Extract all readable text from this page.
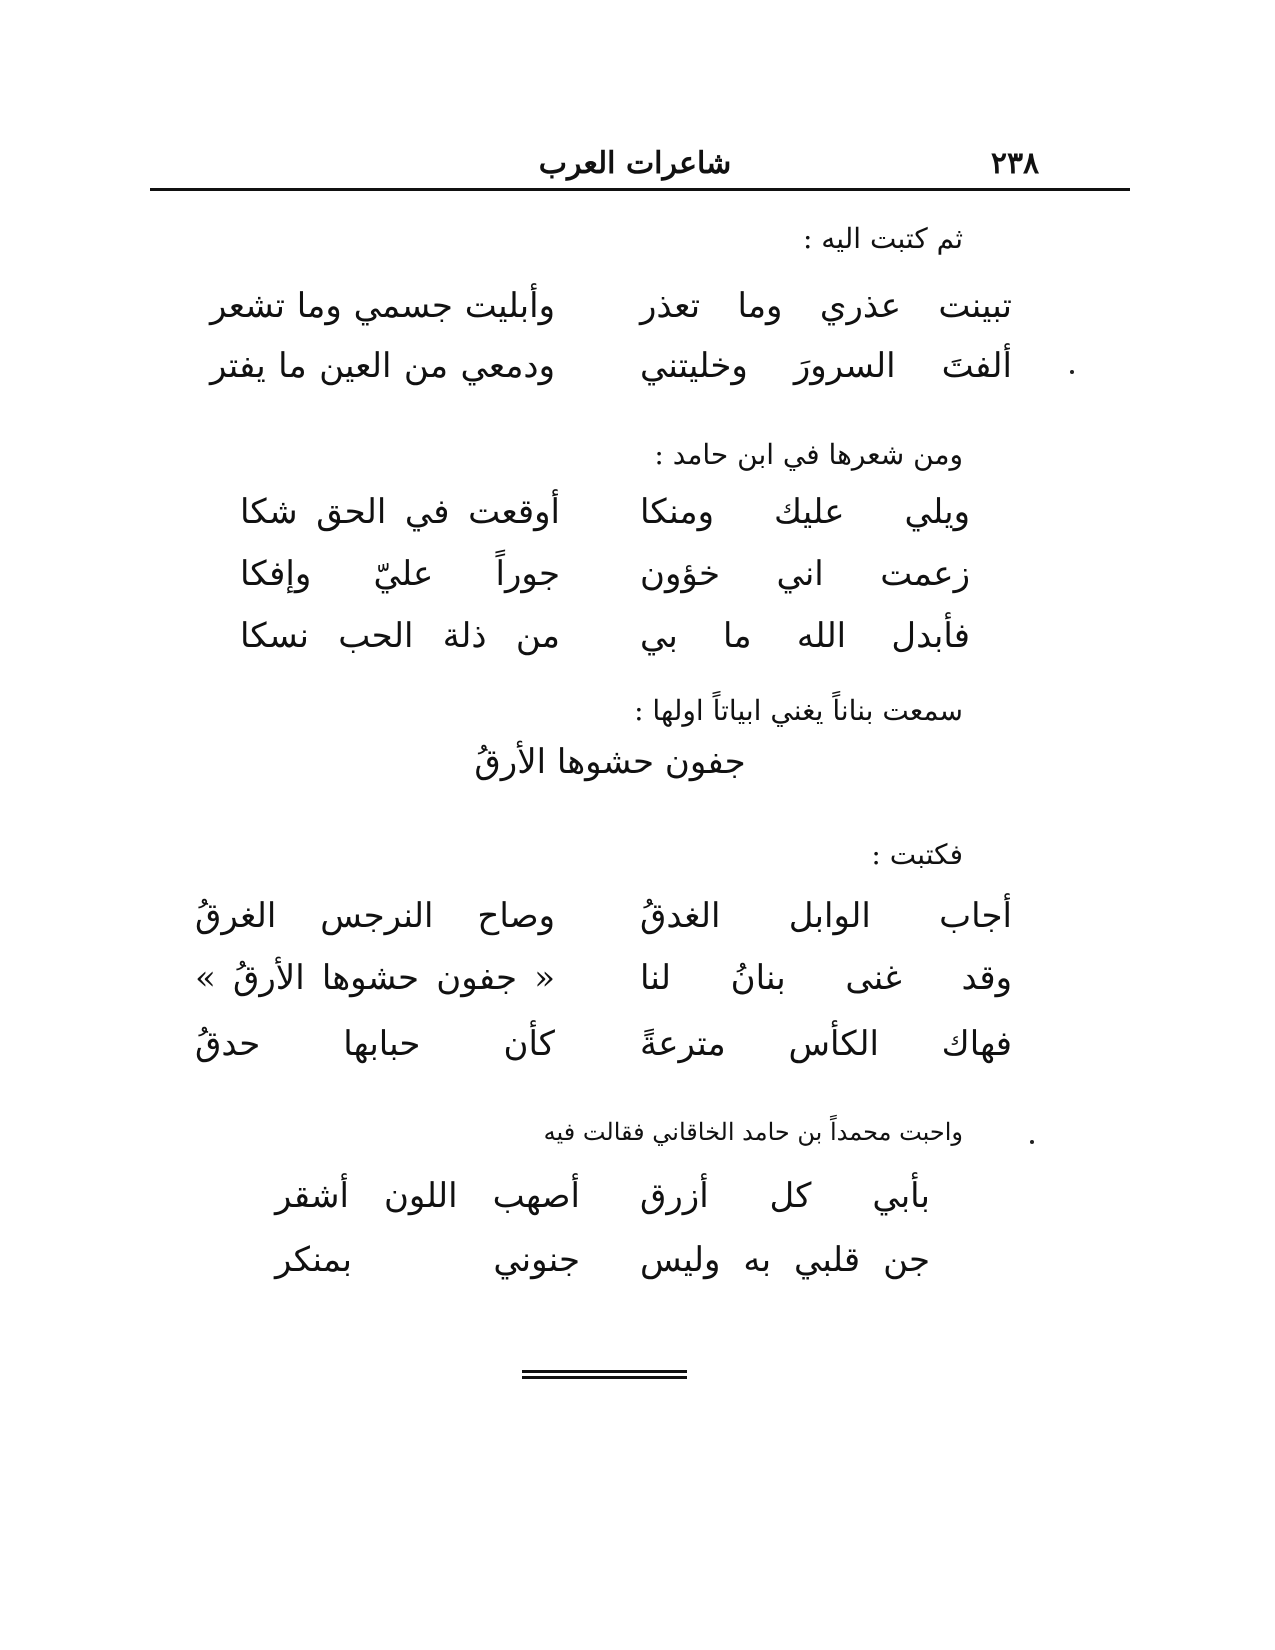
٢٣٨
شاعرات العرب
ثم كتبت اليه :
تبينت عذري وما تعذر
وأبليت جسمي وما تشعر
ألفتَ السرورَ وخليتني
ودمعي من العين ما يفتر
ومن شعرها في ابن حامد :
ويلي عليك ومنكا
أوقعت في الحق شكا
زعمت اني خؤون
جوراً عليّ وإفكا
فأبدل الله ما بي
من ذلة الحب نسكا
سمعت بناناً يغني ابياتاً اولها :
جفون حشوها الأرقُ
فكتبت :
أجاب الوابل الغدقُ
وصاح النرجس الغرقُ
وقد غنى بنانُ لنا
« جفون حشوها الأرقُ »
فهاك الكأس مترعةً
كأن حبابها حدقُ
واحبت محمداً بن حامد الخاقاني فقالت فيه
بأبي كل أزرق
أصهب اللون أشقر
جن قلبي به وليس
جنوني بمنكر
